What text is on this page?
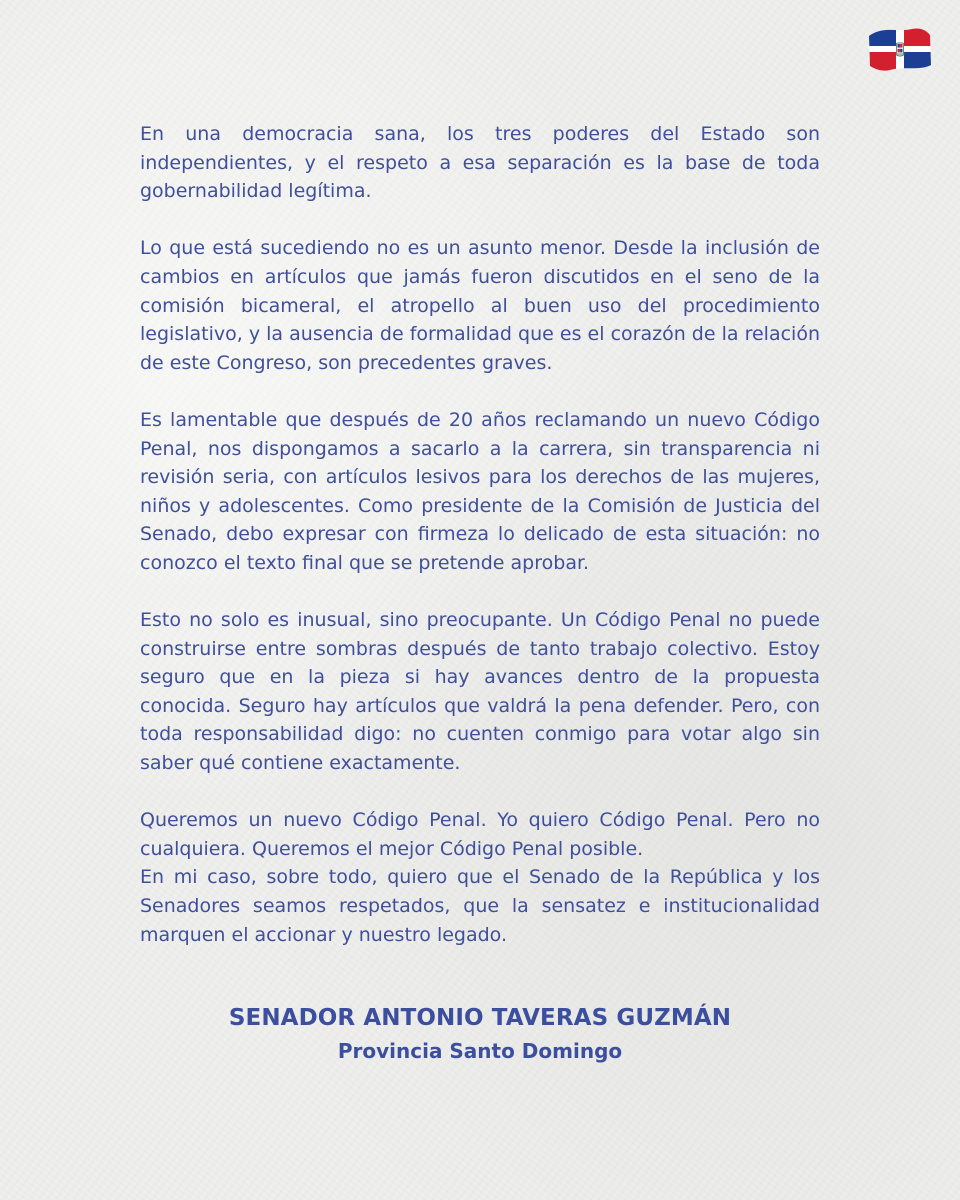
En una democracia sana, los tres poderes del Estado son independientes, y el respeto a esa separación es la base de toda gobernabilidad legítima.

Lo que está sucediendo no es un asunto menor. Desde la inclusión de cambios en artículos que jamás fueron discutidos en el seno de la comisión bicameral, el atropello al buen uso del procedimiento legislativo, y la ausencia de formalidad que es el corazón de la relación de este Congreso, son precedentes graves.

Es lamentable que después de 20 años reclamando un nuevo Código Penal, nos dispongamos a sacarlo a la carrera, sin transparencia ni revisión seria, con artículos lesivos para los derechos de las mujeres, niños y adolescentes. Como presidente de la Comisión de Justicia del Senado, debo expresar con firmeza lo delicado de esta situación: no conozco el texto final que se pretende aprobar.

Esto no solo es inusual, sino preocupante. Un Código Penal no puede construirse entre sombras después de tanto trabajo colectivo. Estoy seguro que en la pieza si hay avances dentro de la propuesta conocida. Seguro hay artículos que valdrá la pena defender. Pero, con toda responsabilidad digo: no cuenten conmigo para votar algo sin saber qué contiene exactamente.

Queremos un nuevo Código Penal. Yo quiero Código Penal. Pero no cualquiera. Queremos el mejor Código Penal posible.
En mi caso, sobre todo, quiero que el Senado de la República y los Senadores seamos respetados, que la sensatez e institucionalidad marquen el accionar y nuestro legado.

SENADOR ANTONIO TAVERAS GUZMÁN
Provincia Santo Domingo
